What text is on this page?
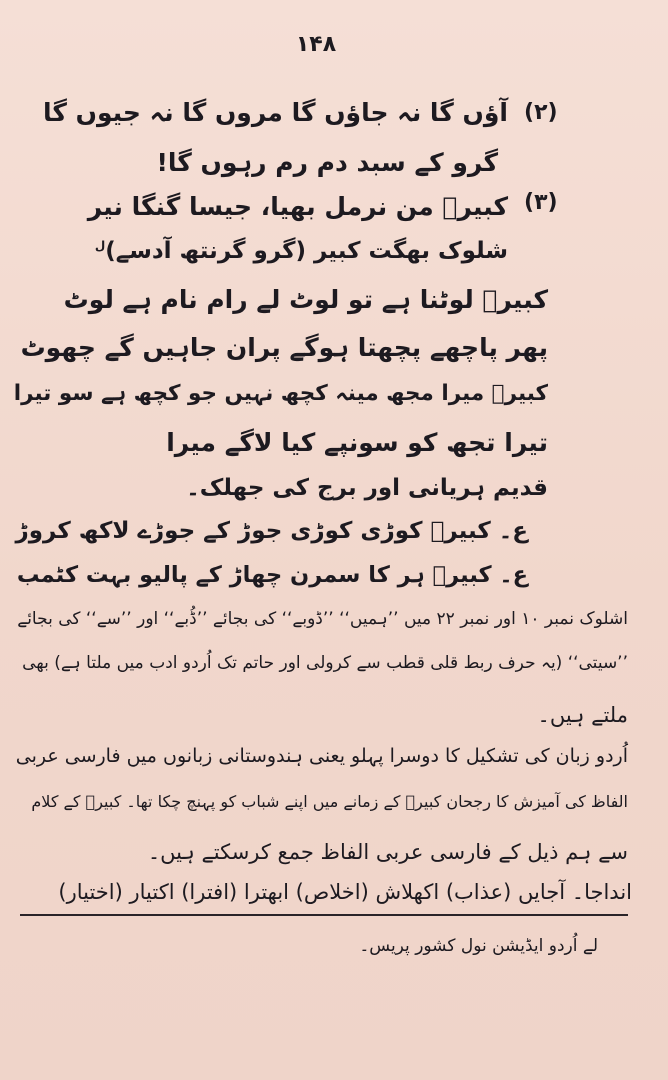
۱۴۸
(۲)
آؤں گا نہ جاؤں گا مروں گا نہ جیوں گا
گرو کے سبد دم رم رہوں گا!
(۳)
کبیرؔ من نرمل بھیا، جیسا گنگا نیر
شلوک بھگت کبیر (گرو گرنتھ آدسے)$^ل$
کبیرؔ لوٹنا ہے تو لوٹ لے رام نام ہے لوٹ
پھر پاچھے پچھتا ہوگے پران جاہیں گے چھوٹ
کبیرؔ میرا مجھ مینہ کچھ نہیں جو کچھ ہے سو تیرا
تیرا تجھ کو سونپے کیا لاگے میرا
قدیم ہریانی اور برج کی جھلک۔
ع۔ کبیرؔ کوڑی کوڑی جوڑ کے جوڑے لاکھ کروڑ
ع۔ کبیرؔ ہر کا سمرن چھاڑ کے پالیو بہت کٹمب
اشلوک نمبر ۱۰ اور نمبر ۲۲ میں ’’ہمیں‘‘ ’’ڈوبے‘‘ کی بجائے ’’ڈُبے‘‘ اور ’’سے‘‘ کی بجائے
’’سیتی‘‘ (یہ حرف ربط قلی قطب سے کرولی اور حاتم تک اُردو ادب میں ملتا ہے) بھی
ملتے ہیں۔
اُردو زبان کی تشکیل کا دوسرا پہلو یعنی ہندوستانی زبانوں میں فارسی عربی
الفاظ کی آمیزش کا رجحان کبیرؔ کے زمانے میں اپنے شباب کو پہنچ چکا تھا۔ کبیرؔ کے کلام
سے ہم ذیل کے فارسی عربی الفاظ جمع کرسکتے ہیں۔
انداجا۔ آجایں (عذاب) اکھلاش (اخلاص) ابھترا (افترا) اکتیار (اختیار)
لے اُردو ایڈیشن نول کشور پریس۔
